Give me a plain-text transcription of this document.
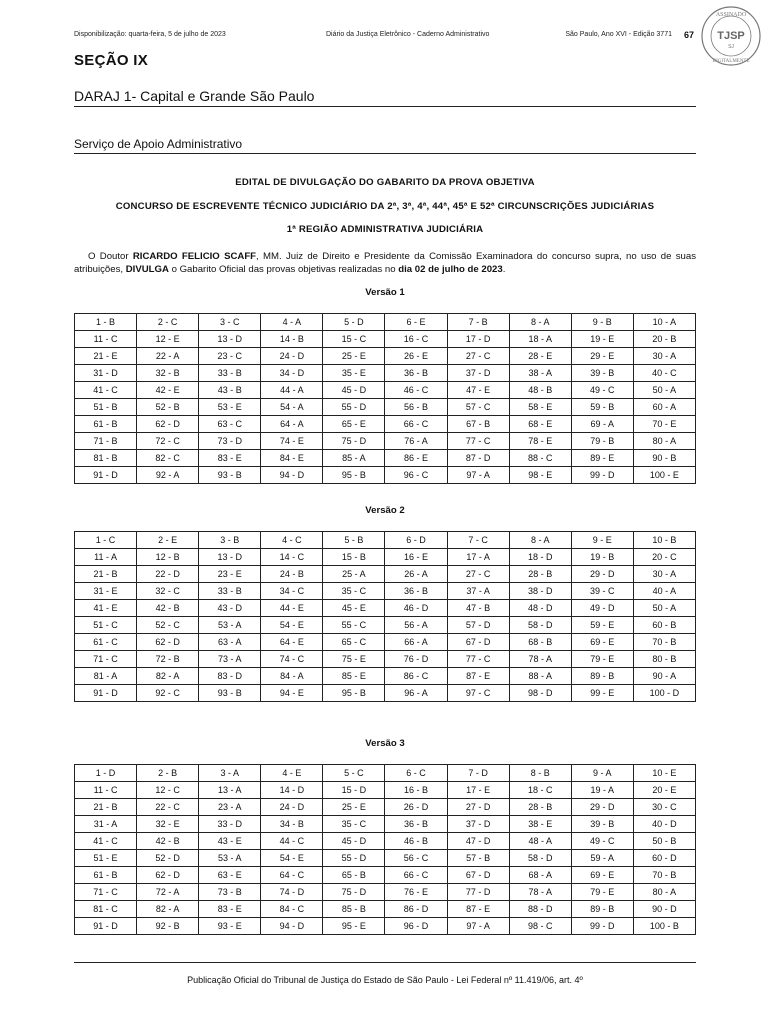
Disponibilização: quarta-feira, 5 de julho de 2023	Diário da Justiça Eletrônico - Caderno Administrativo	São Paulo, Ano XVI - Edição 3771 67
ASSINADO
TJSP
SJ
DIGITALMENTE
SEÇÃO IX
DARAJ 1- Capital e Grande São Paulo
Serviço de Apoio Administrativo
EDITAL DE DIVULGAÇÃO DO GABARITO DA PROVA OBJETIVA
CONCURSO DE ESCREVENTE TÉCNICO JUDICIÁRIO DA 2ª, 3ª, 4ª, 44ª, 45ª E 52ª CIRCUNSCRIÇÕES JUDICIÁRIAS
1ª REGIÃO ADMINISTRATIVA JUDICIÁRIA
O Doutor RICARDO FELICIO SCAFF, MM. Juiz de Direito e Presidente da Comissão Examinadora do concurso supra, no uso de suas atribuições, DIVULGA o Gabarito Oficial das provas objetivas realizadas no dia 02 de julho de 2023.
Versão 1
1 - B	2 - C	3 - C	4 - A	5 - D	6 - E	7 - B	8 - A	9 - B	10 - A
11 - C	12 - E	13 - D	14 - B	15 - C	16 - C	17 - D	18 - A	19 - E	20 - B
21 - E	22 - A	23 - C	24 - D	25 - E	26 - E	27 - C	28 - E	29 - E	30 - A
31 - D	32 - B	33 - B	34 - D	35 - E	36 - B	37 - D	38 - A	39 - B	40 - C
41 - C	42 - E	43 - B	44 - A	45 - D	46 - C	47 - E	48 - B	49 - C	50 - A
51 - B	52 - B	53 - E	54 - A	55 - D	56 - B	57 - C	58 - E	59 - B	60 - A
61 - B	62 - D	63 - C	64 - A	65 - E	66 - C	67 - B	68 - E	69 - A	70 - E
71 - B	72 - C	73 - D	74 - E	75 - D	76 - A	77 - C	78 - E	79 - B	80 - A
81 - B	82 - C	83 - E	84 - E	85 - A	86 - E	87 - D	88 - C	89 - E	90 - B
91 - D	92 - A	93 - B	94 - D	95 - B	96 - C	97 - A	98 - E	99 - D	100 - E
Versão 2
1 - C	2 - E	3 - B	4 - C	5 - B	6 - D	7 - C	8 - A	9 - E	10 - B
11 - A	12 - B	13 - D	14 - C	15 - B	16 - E	17 - A	18 - D	19 - B	20 - C
21 - B	22 - D	23 - E	24 - B	25 - A	26 - A	27 - C	28 - B	29 - D	30 - A
31 - E	32 - C	33 - B	34 - C	35 - C	36 - B	37 - A	38 - D	39 - C	40 - A
41 - E	42 - B	43 - D	44 - E	45 - E	46 - D	47 - B	48 - D	49 - D	50 - A
51 - C	52 - C	53 - A	54 - E	55 - C	56 - A	57 - D	58 - D	59 - E	60 - B
61 - C	62 - D	63 - A	64 - E	65 - C	66 - A	67 - D	68 - B	69 - E	70 - B
71 - C	72 - B	73 - A	74 - C	75 - E	76 - D	77 - C	78 - A	79 - E	80 - B
81 - A	82 - A	83 - D	84 - A	85 - E	86 - C	87 - E	88 - A	89 - B	90 - A
91 - D	92 - C	93 - B	94 - E	95 - B	96 - A	97 - C	98 - D	99 - E	100 - D
Versão 3
1 - D	2 - B	3 - A	4 - E	5 - C	6 - C	7 - D	8 - B	9 - A	10 - E
11 - C	12 - C	13 - A	14 - D	15 - D	16 - B	17 - E	18 - C	19 - A	20 - E
21 - B	22 - C	23 - A	24 - D	25 - E	26 - D	27 - D	28 - B	29 - D	30 - C
31 - A	32 - E	33 - D	34 - B	35 - C	36 - B	37 - D	38 - E	39 - B	40 - D
41 - C	42 - B	43 - E	44 - C	45 - D	46 - B	47 - D	48 - A	49 - C	50 - B
51 - E	52 - D	53 - A	54 - E	55 - D	56 - C	57 - B	58 - D	59 - A	60 - D
61 - B	62 - D	63 - E	64 - C	65 - B	66 - C	67 - D	68 - A	69 - E	70 - B
71 - C	72 - A	73 - B	74 - D	75 - D	76 - E	77 - D	78 - A	79 - E	80 - A
81 - C	82 - A	83 - E	84 - C	85 - B	86 - D	87 - E	88 - D	89 - B	90 - D
91 - D	92 - B	93 - E	94 - D	95 - E	96 - D	97 - A	98 - C	99 - D	100 - B
Publicação Oficial do Tribunal de Justiça do Estado de São Paulo - Lei Federal nº 11.419/06, art. 4º
